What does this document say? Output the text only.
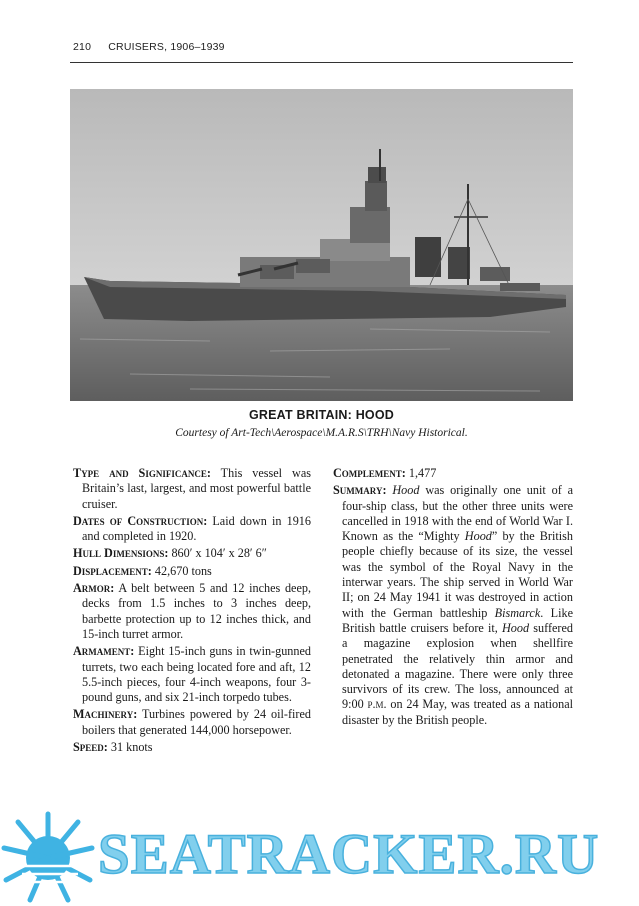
210 CRUISERS, 1906–1939
GREAT BRITAIN: HOOD
Courtesy of Art-Tech\Aerospace\M.A.R.S\TRH\Navy Historical.

Type and Significance: This vessel was Britain’s last, largest, and most powerful battle cruiser.

Dates of Construction: Laid down in 1916 and completed in 1920.

Hull Dimensions: 860′ x 104′ x 28′ 6″

Displacement: 42,670 tons

Armor: A belt between 5 and 12 inches deep, decks from 1.5 inches to 3 inches deep, barbette protection up to 12 inches thick, and 15-inch turret armor.

Armament: Eight 15-inch guns in twin-gunned turrets, two each being located fore and aft, 12 5.5-inch pieces, four 4-inch weapons, four 3-pound guns, and six 21-inch torpedo tubes.

Machinery: Turbines powered by 24 oil-fired boilers that generated 144,000 horsepower.

Speed: 31 knots

Complement: 1,477

Summary: Hood was originally one unit of a four-ship class, but the other three units were cancelled in 1918 with the end of World War I. Known as the “Mighty Hood” by the British people chiefly because of its size, the vessel was the symbol of the Royal Navy in the interwar years. The ship served in World War II; on 24 May 1941 it was destroyed in action with the German battleship Bismarck. Like British battle cruisers before it, Hood suffered a magazine explosion when shellfire penetrated the relatively thin armor and detonated a magazine. There were only three survivors of its crew. The loss, announced at 9:00 p.m. on 24 May, was treated as a national disaster by the British people.

SEATRACKER.RU
